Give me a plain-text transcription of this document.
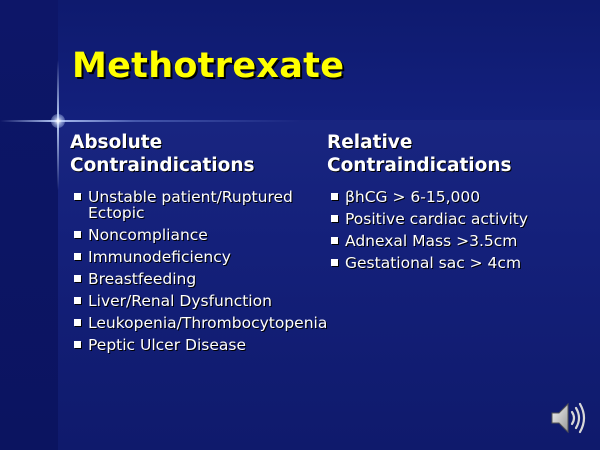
Methotrexate
Absolute
Contraindications
Relative
Contraindications
Unstable patient/Ruptured Ectopic
Noncompliance
Immunodeficiency
Breastfeeding
Liver/Renal Dysfunction
Leukopenia/Thrombocytopenia
Peptic Ulcer Disease
βhCG > 6-15,000
Positive cardiac activity
Adnexal Mass >3.5cm
Gestational sac > 4cm
